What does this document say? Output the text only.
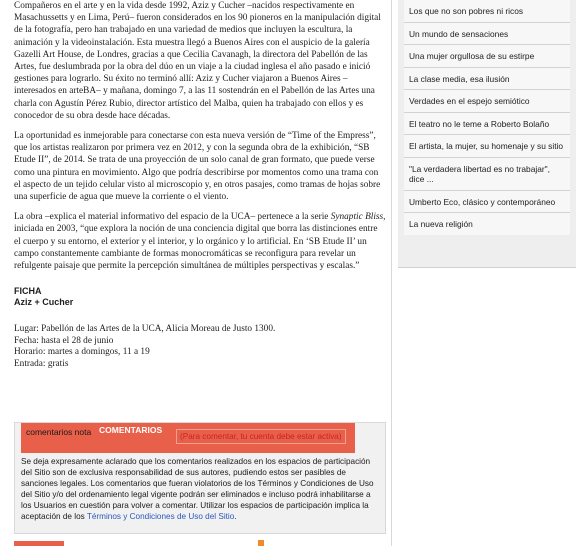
Compañeros en el arte y en la vida desde 1992, Aziz y Cucher –nacidos respectivamente en Masachussetts y en Lima, Perú– fueron considerados en los 90 pioneros en la manipulación digital de la fotografía, pero han trabajado en una variedad de medios que incluyen la escultura, la animación y la videoinstalación. Esta muestra llegó a Buenos Aires con el auspicio de la galería Gazelli Art House, de Londres, gracias a que Cecilia Cavanagh, la directora del Pabellón de las Artes, fue deslumbrada por la obra del dúo en un viaje a la ciudad inglesa el año pasado e inició gestiones para lograrlo. Su éxito no terminó allí: Aziz y Cucher viajaron a Buenos Aires –interesados en arteBA– y mañana, domingo 7, a las 11 sostendrán en el Pabellón de las Artes una charla con Agustín Pérez Rubio, director artístico del Malba, quien ha trabajado con ellos y es conocedor de su obra desde hace décadas.

La oportunidad es inmejorable para conectarse con esta nueva versión de “Time of the Empress”, que los artistas realizaron por primera vez en 2012, y con la segunda obra de la exhibición, “SB Etude II”, de 2014. Se trata de una proyección de un solo canal de gran formato, que puede verse como una pintura en movimiento. Algo que podría describirse por momentos como una trama con el aspecto de un tejido celular visto al microscopio y, en otros pasajes, como tramas de hojas sobre una superficie de agua que mueve la corriente o el viento.

La obra –explica el material informativo del espacio de la UCA– pertenece a la serie Synaptic Bliss, iniciada en 2003, “que explora la noción de una conciencia digital que borra las distinciones entre el cuerpo y su entorno, el exterior y el interior, y lo orgánico y lo artificial. En ‘SB Etude II’ un campo constantemente cambiante de formas monocromáticas se reconfigura para revelar un refulgente paisaje que permite la percepción simultánea de múltiples perspectivas y escalas.”

FICHA
Aziz + Cucher
Lugar: Pabellón de las Artes de la UCA, Alicia Moreau de Justo 1300.
Fecha: hasta el 28 de junio
Horario: martes a domingos, 11 a 19
Entrada: gratis
Los que no son pobres ni ricos
Un mundo de sensaciones
Una mujer orgullosa de su estirpe
La clase media, esa ilusión
Verdades en el espejo semiótico
El teatro no le teme a Roberto Bolaño
El artista, la mujer, su homenaje y su sitio
"La verdadera libertad es no trabajar", dice ...
Umberto Eco, clásico y contemporáneo
La nueva religión
comentarios nota COMENTARIOS
(Para comentar, tu cuenta debe estar activa)
Se deja expresamente aclarado que los comentarios realizados en los espacios de participación del Sitio son de exclusiva responsabilidad de sus autores, pudiendo estos ser pasibles de sanciones legales. Los comentarios que fueran violatorios de los Términos y Condiciones de Uso del Sitio y/o del ordenamiento legal vigente podrán ser eliminados e incluso podrá inhabilitarse a los Usuarios en cuestión para volver a comentar. Utilizar los espacios de participación implica la aceptación de los Términos y Condiciones de Uso del Sitio.
